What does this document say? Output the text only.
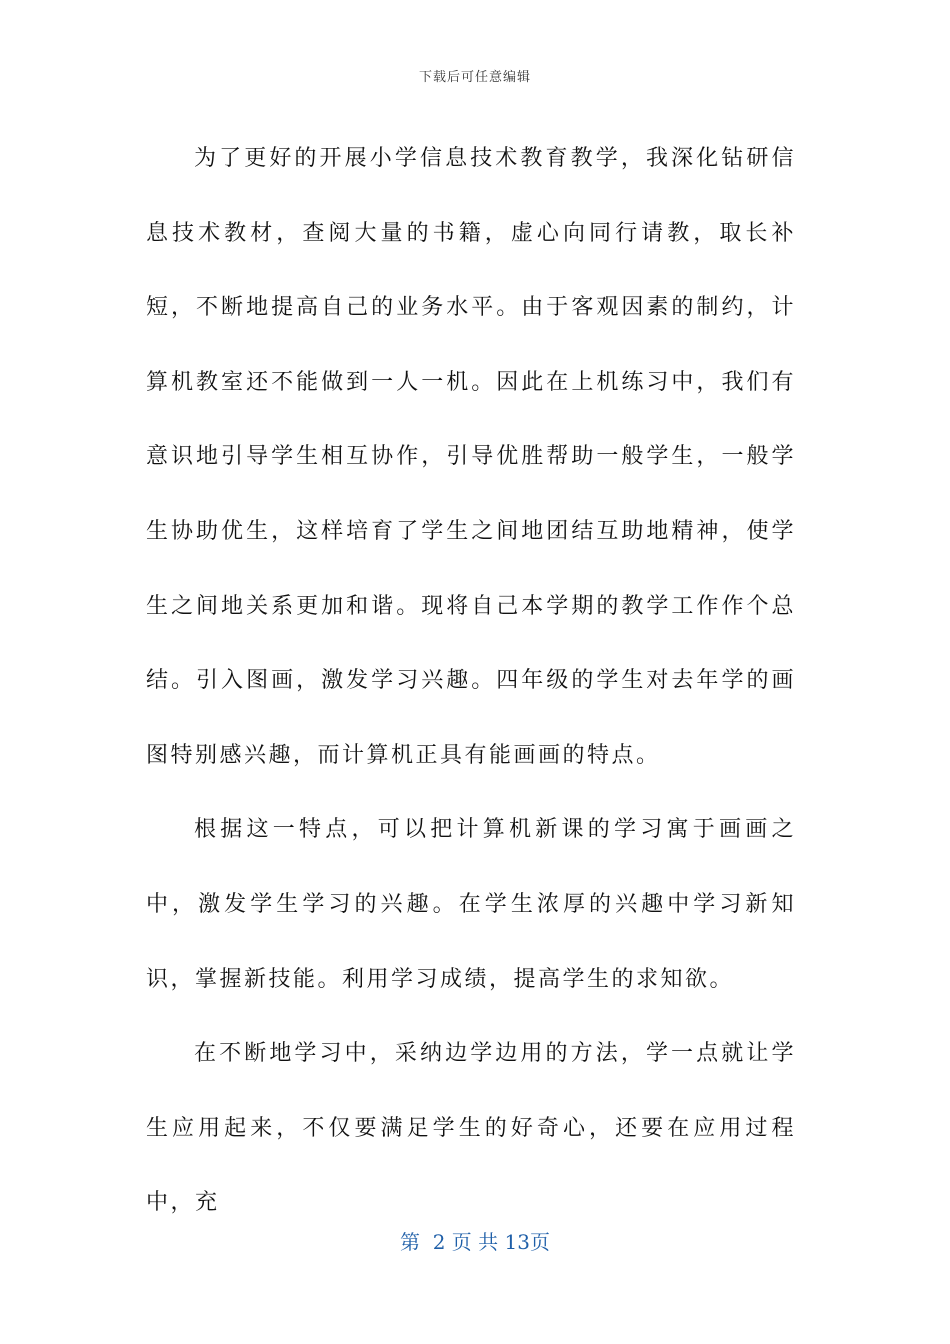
下载后可任意编辑

为了更好的开展小学信息技术教育教学，我深化钻研信息技术教材，查阅大量的书籍，虚心向同行请教，取长补短，不断地提高自己的业务水平。由于客观因素的制约，计算机教室还不能做到一人一机。因此在上机练习中，我们有意识地引导学生相互协作，引导优胜帮助一般学生，一般学生协助优生，这样培育了学生之间地团结互助地精神，使学生之间地关系更加和谐。现将自己本学期的教学工作作个总结。引入图画，激发学习兴趣。四年级的学生对去年学的画图特别感兴趣，而计算机正具有能画画的特点。

根据这一特点，可以把计算机新课的学习寓于画画之中，激发学生学习的兴趣。在学生浓厚的兴趣中学习新知识，掌握新技能。利用学习成绩，提高学生的求知欲。

在不断地学习中，采纳边学边用的方法，学一点就让学生应用起来，不仅要满足学生的好奇心，还要在应用过程中，充

第  2 页 共 13页
